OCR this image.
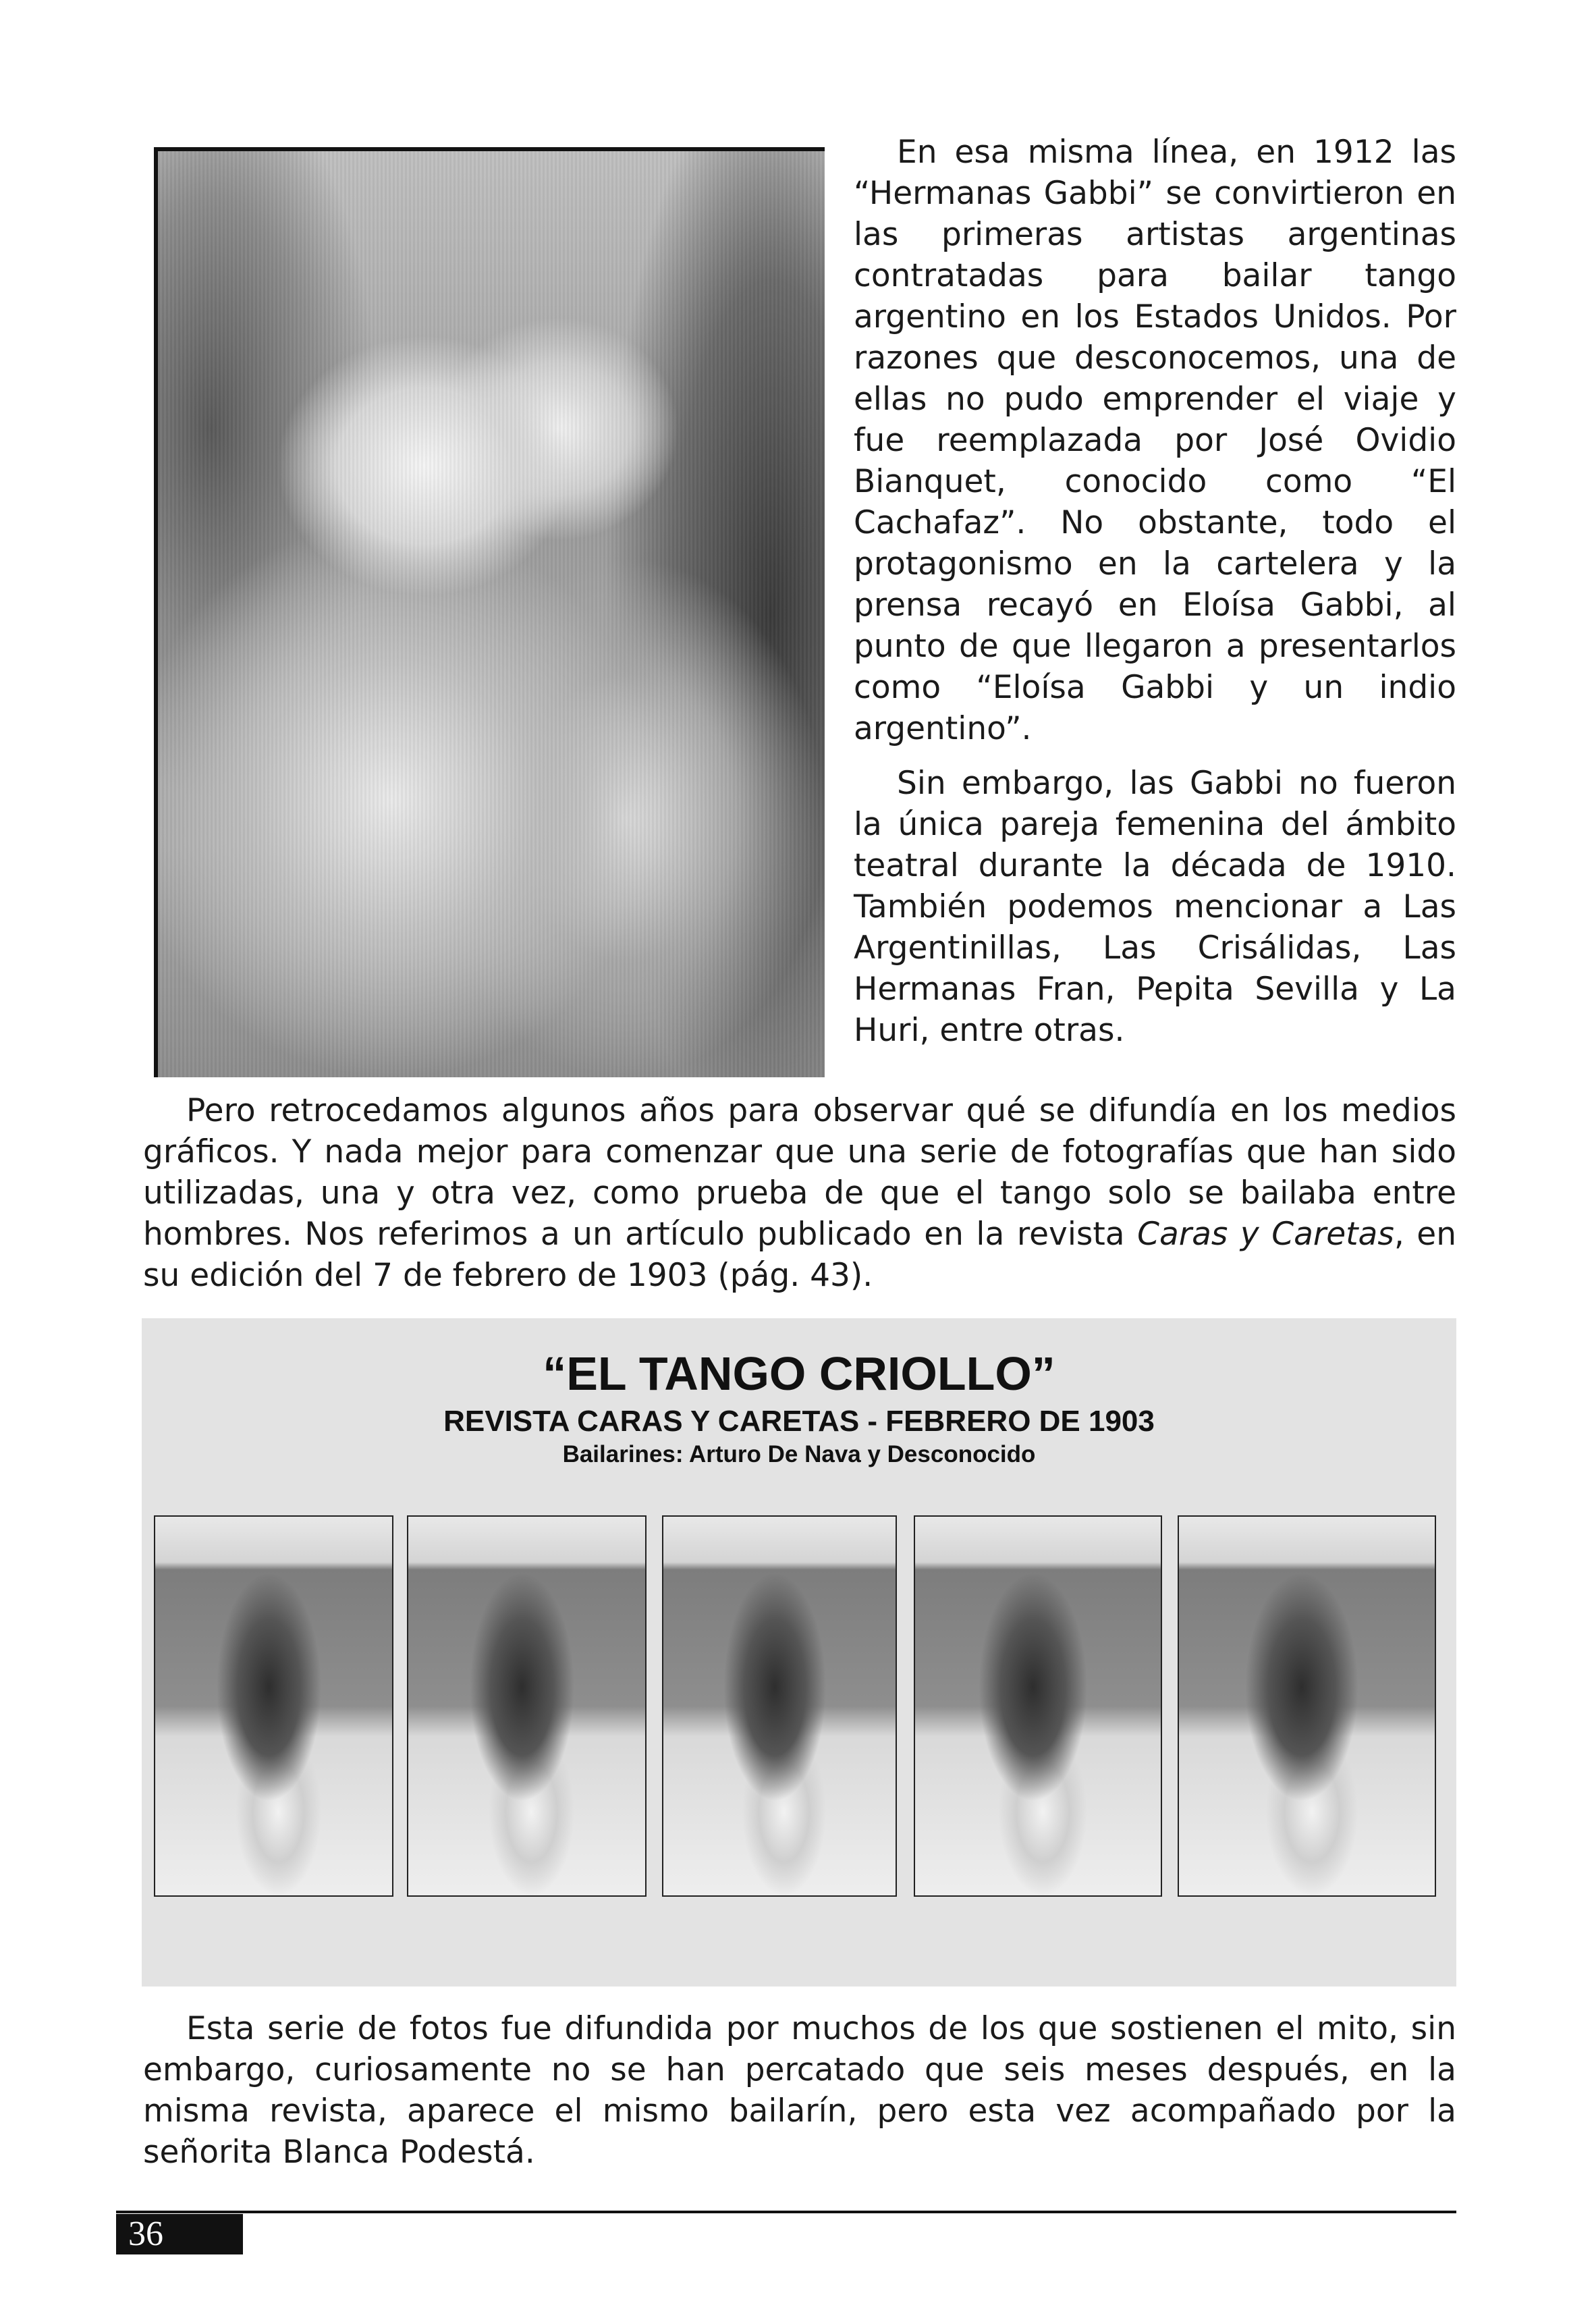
En esa misma línea, en 1912 las “Hermanas Gabbi” se convirtieron en las primeras artistas argentinas contratadas para bailar tango argentino en los Estados Unidos. Por razones que desconocemos, una de ellas no pudo emprender el viaje y fue reemplazada por José Ovidio Bianquet, conocido como “El Cachafaz”. No obstante, todo el protagonismo en la cartelera y la prensa recayó en Eloísa Gabbi, al punto de que llegaron a presentarlos como “Eloísa Gabbi y un indio argentino”.

Sin embargo, las Gabbi no fueron la única pareja femenina del ámbito teatral durante la década de 1910. También podemos mencionar a Las Argentinillas, Las Crisálidas, Las Hermanas Fran, Pepita Sevilla y La Huri, entre otras.

Pero retrocedamos algunos años para observar qué se difundía en los medios gráficos. Y nada mejor para comenzar que una serie de fotografías que han sido utilizadas, una y otra vez, como prueba de que el tango solo se bailaba entre hombres. Nos referimos a un artículo publicado en la revista Caras y Caretas, en su edición del 7 de febrero de 1903 (pág. 43).

“EL TANGO CRIOLLO”
REVISTA CARAS Y CARETAS - FEBRERO DE 1903
Bailarines: Arturo De Nava y Desconocido

Esta serie de fotos fue difundida por muchos de los que sostienen el mito, sin embargo, curiosamente no se han percatado que seis meses después, en la misma revista, aparece el mismo bailarín, pero esta vez acompañado por la señorita Blanca Podestá.

36
